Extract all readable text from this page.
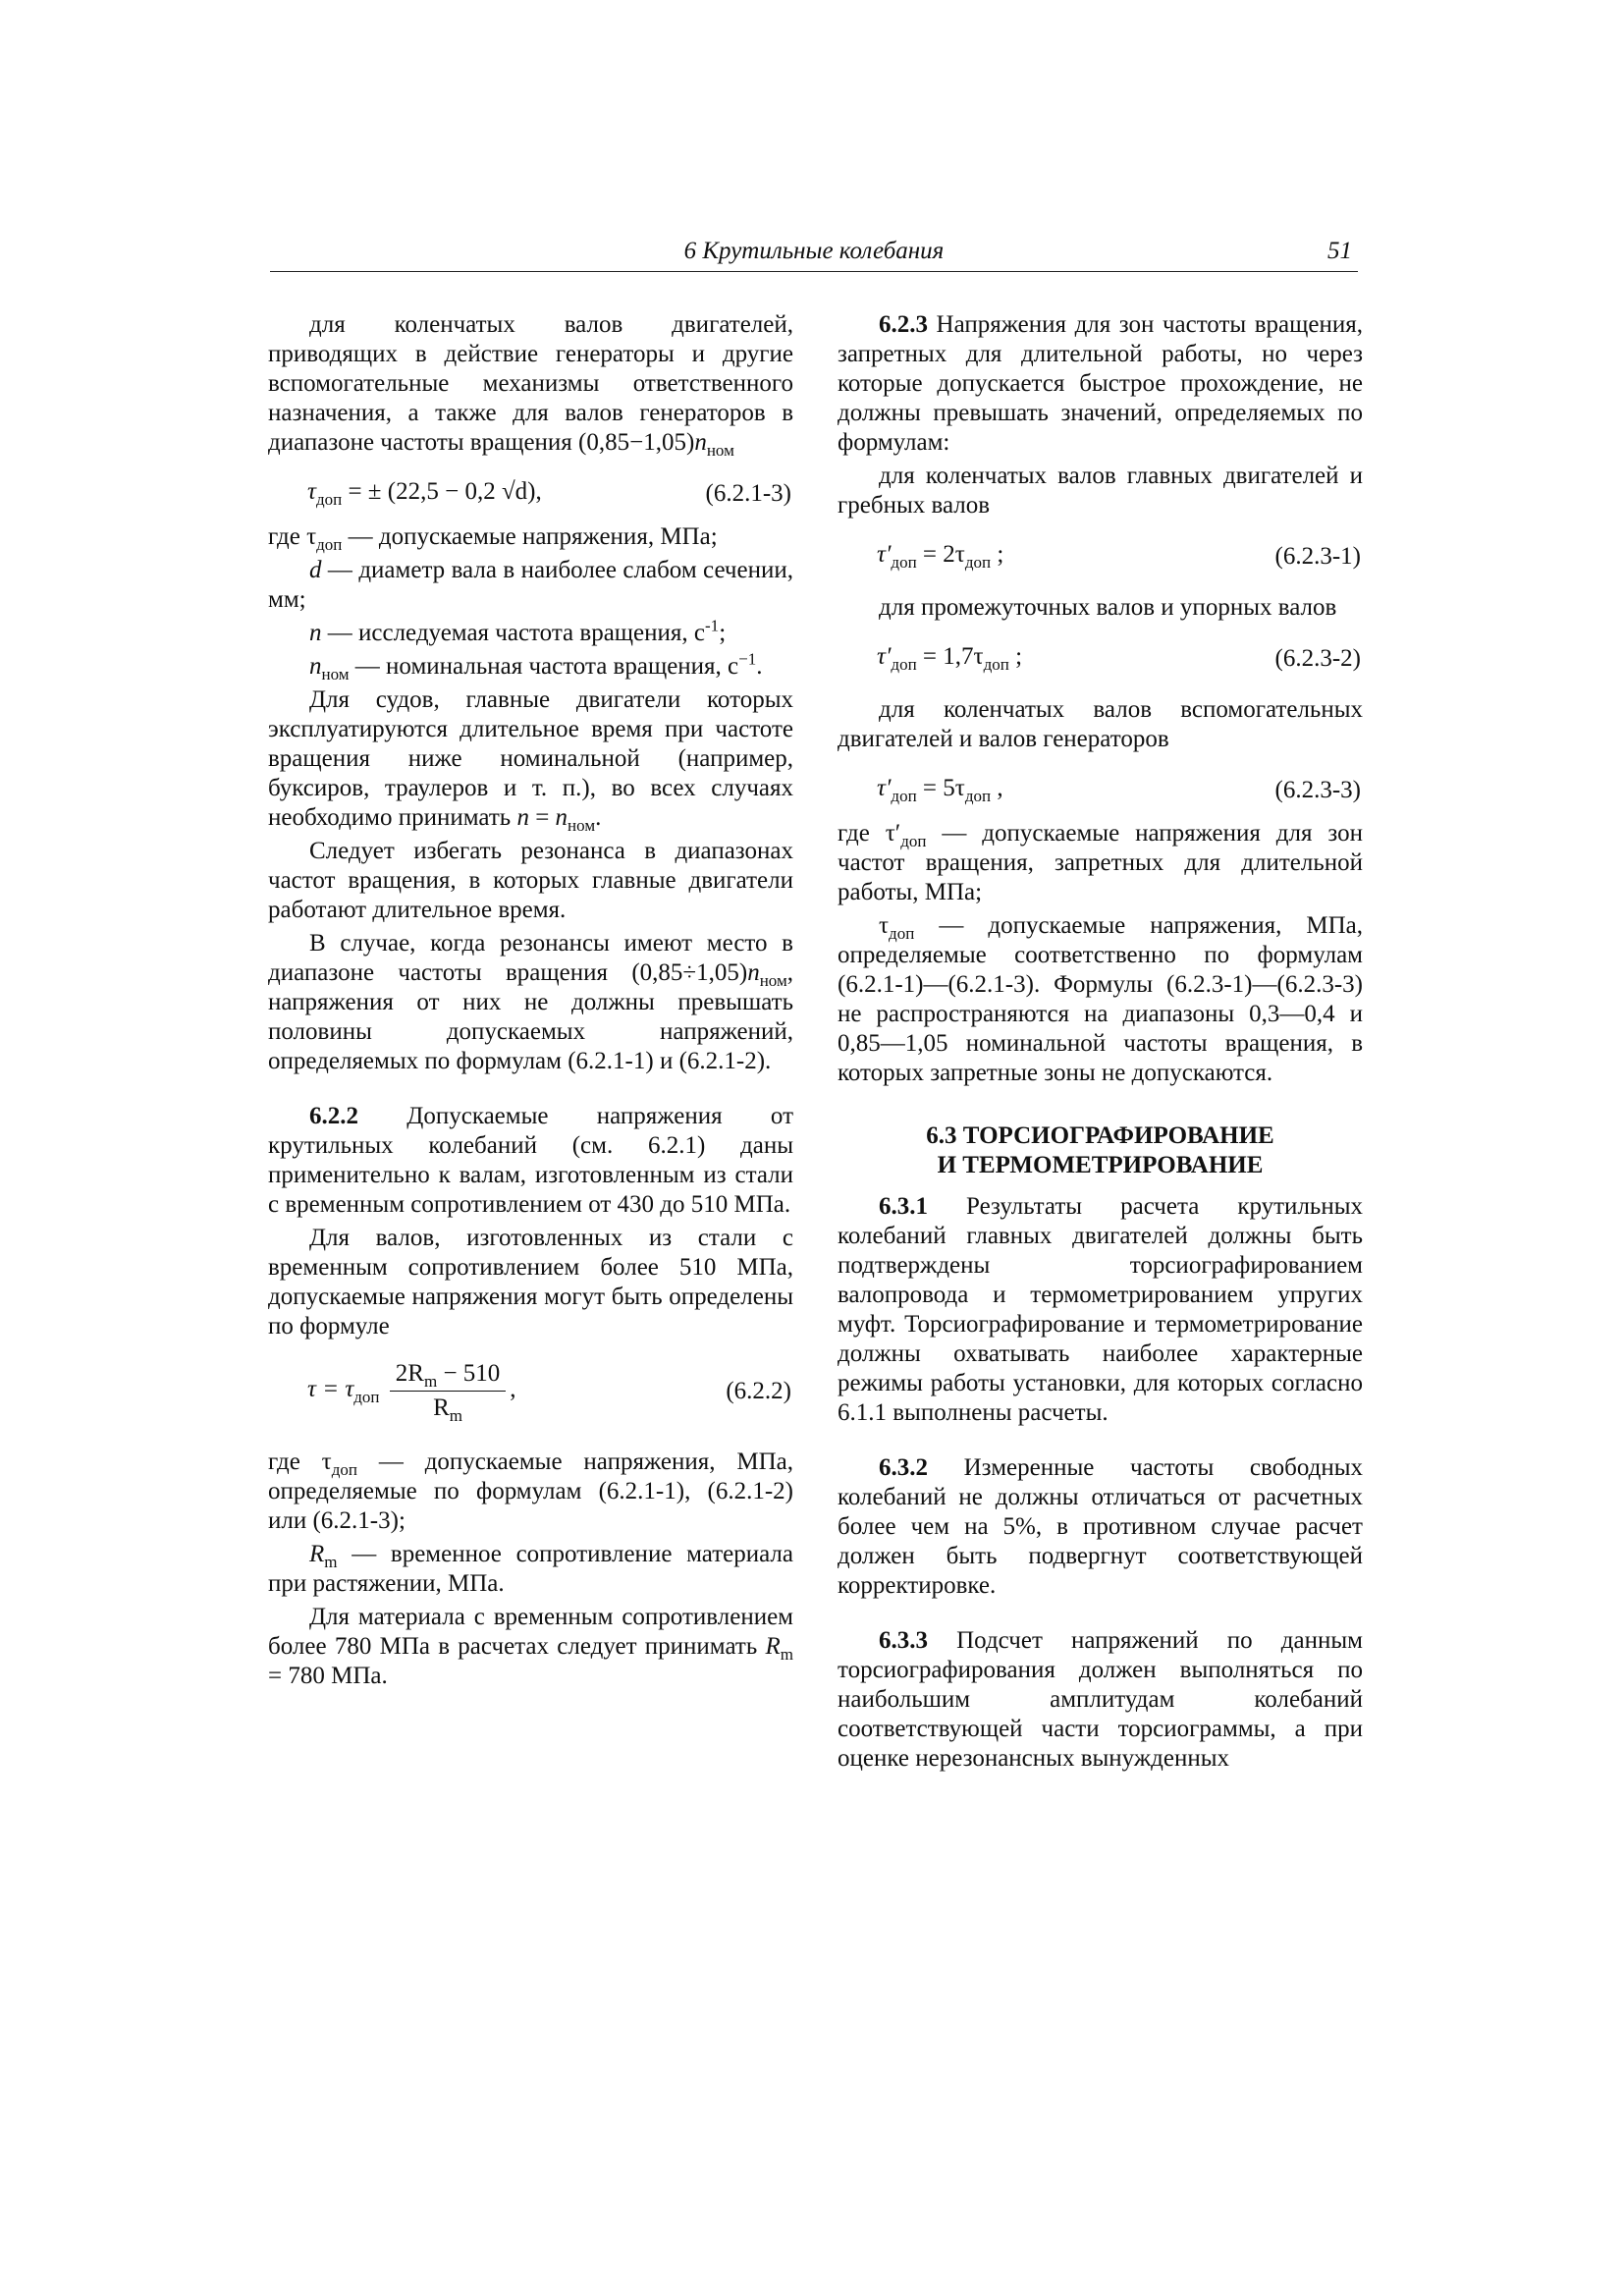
6 Крутильные колебания	51

для коленчатых валов двигателей, приводящих в действие генераторы и другие вспомогательные механизмы ответственного назначения, а также для валов генераторов в диапазоне частоты вращения $(0,85-1,05)n_{ном}$

$\tau_{доп}$ = ± (22,5 − 0,2 √d),	(6.2.1-3)

где $\tau_{доп}$ — допускаемые напряжения, МПа;

d — диаметр вала в наиболее слабом сечении, мм;

n — исследуемая частота вращения, $с^{-1}$;

$n_{ном}$ — номинальная частота вращения, $с^{-1}$.

Для судов, главные двигатели которых эксплуатируются длительное время при частоте вращения ниже номинальной (например, буксиров, траулеров и т. п.), во всех случаях необходимо принимать $n = n_{ном}$.

Следует избегать резонанса в диапазонах частот вращения, в которых главные двигатели работают длительное время.

В случае, когда резонансы имеют место в диапазоне частоты вращения $(0,85\div 1,05)n_{ном}$, напряжения от них не должны превышать половины допускаемых напряжений, определяемых по формулам (6.2.1-1) и (6.2.1-2).

6.2.2 Допускаемые напряжения от крутильных колебаний (см. 6.2.1) даны применительно к валам, изготовленным из стали с временным сопротивлением от 430 до 510 МПа.

Для валов, изготовленных из стали с временным сопротивлением более 510 МПа, допускаемые напряжения могут быть определены по формуле

$\tau = \tau_{доп} \frac{2R_m - 510}{R_m}$ ,	(6.2.2)

где $\tau_{доп}$ — допускаемые напряжения, МПа, определяемые по формулам (6.2.1-1), (6.2.1-2) или (6.2.1-3);

$R_m$ — временное сопротивление материала при растяжении, МПа.

Для материала с временным сопротивлением более 780 МПа в расчетах следует принимать $R_m = 780$ МПа.

6.2.3 Напряжения для зон частоты вращения, запретных для длительной работы, но через которые допускается быстрое прохождение, не должны превышать значений, определяемых по формулам:

для коленчатых валов главных двигателей и гребных валов

$\tau'_{доп} = 2\tau_{доп}$ ;	(6.2.3-1)

для промежуточных валов и упорных валов

$\tau'_{доп} = 1,7\tau_{доп}$ ;	(6.2.3-2)

для коленчатых валов вспомогательных двигателей и валов генераторов

$\tau'_{доп} = 5\tau_{доп}$ ,	(6.2.3-3)

где $\tau'_{доп}$ — допускаемые напряжения для зон частот вращения, запретных для длительной работы, МПа;

$\tau_{доп}$ — допускаемые напряжения, МПа, определяемые соответственно по формулам (6.2.1-1)—(6.2.1-3). Формулы (6.2.3-1)—(6.2.3-3) не распространяются на диапазоны 0,3—0,4 и 0,85—1,05 номинальной частоты вращения, в которых запретные зоны не допускаются.

6.3 ТОРСИОГРАФИРОВАНИЕ
И ТЕРМОМЕТРИРОВАНИЕ

6.3.1 Результаты расчета крутильных колебаний главных двигателей должны быть подтверждены торсиографированием валопровода и термометрированием упругих муфт. Торсиографирование и термометрирование должны охватывать наиболее характерные режимы работы установки, для которых согласно 6.1.1 выполнены расчеты.

6.3.2 Измеренные частоты свободных колебаний не должны отличаться от расчетных более чем на 5%, в противном случае расчет должен быть подвергнут соответствующей корректировке.

6.3.3 Подсчет напряжений по данным торсиографирования должен выполняться по наибольшим амплитудам колебаний соответствующей части торсиограммы, а при оценке нерезонансных вынужденных
